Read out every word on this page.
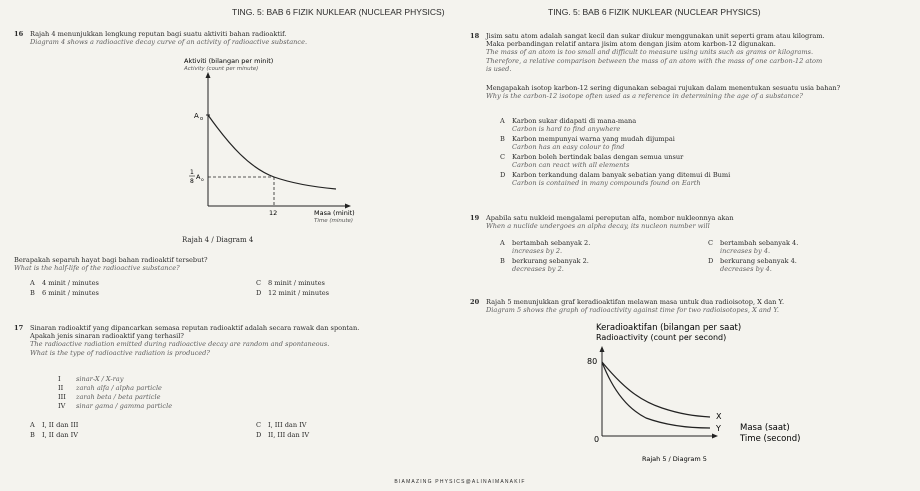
TING. 5: BAB 6 FIZIK NUKLEAR (NUCLEAR PHYSICS)	TING. 5: BAB 6 FIZIK NUKLEAR (NUCLEAR PHYSICS)
16 Rajah 4 menunjukkan lengkung reputan bagi suatu aktiviti bahan radioaktif.
Diagram 4 shows a radioactive decay curve of an activity of radioactive substance.
Aktiviti (bilangan per minit)
Activity (count per minute)
A o
1
8
A o
12	Masa (minit)
Time (minute)
Rajah 4 / Diagram 4
Berapakah separuh hayat bagi bahan radioaktif tersebut?
What is the half-life of the radioactive substance?
A 4 minit / minutes
B 6 minit / minutes
C 8 minit / minutes
D 12 minit / minutes
17 Sinaran radioaktif yang dipancarkan semasa reputan radioaktif adalah secara rawak dan spontan.
Apakah jenis sinaran radioaktif yang terhasil?
The radioactive radiation emitted during radioactive decay are random and spontaneous.
What is the type of radioactive radiation is produced?
I sinar-X / X-ray
II zarah alfa / alpha particle
III zarah beta / beta particle
IV sinar gama / gamma particle
A I, II dan III
B I, II dan IV
C I, III dan IV
D II, III dan IV
18 Jisim satu atom adalah sangat kecil dan sukar diukur menggunakan unit seperti gram atau kilogram.
Maka perbandingan relatif antara jisim atom dengan jisim atom karbon-12 digunakan.
The mass of an atom is too small and difficult to measure using units such as grams or kilograms.
Therefore, a relative comparison between the mass of an atom with the mass of one carbon-12 atom
is used.
Mengapakah isotop karbon-12 sering digunakan sebagai rujukan dalam menentukan sesuatu usia bahan?
Why is the carbon-12 isotope often used as a reference in determining the age of a substance?
A Karbon sukar didapati di mana-mana
Carbon is hard to find anywhere
B Karbon mempunyai warna yang mudah dijumpai
Carbon has an easy colour to find
C Karbon boleh bertindak balas dengan semua unsur
Carbon can react with all elements
D Karbon terkandung dalam banyak sebatian yang ditemui di Bumi
Carbon is contained in many compounds found on Earth
19 Apabila satu nukleid mengalami pereputan alfa, nombor nukleonnya akan
When a nuclide undergoes an alpha decay, its nucleon number will
A bertambah sebanyak 2.
increases by 2.
B berkurang sebanyak 2.
decreases by 2.
C bertambah sebanyak 4.
increases by 4.
D berkurang sebanyak 4.
decreases by 4.
20 Rajah 5 menunjukkan graf keradioaktifan melawan masa untuk dua radioisotop, X dan Y.
Diagram 5 shows the graph of radioactivity against time for two radioisotopes, X and Y.
Keradioaktifan (bilangan per saat)
Radioactivity (count per second)
80
0
X
Y Masa (saat)
Time (second)
Rajah 5 / Diagram 5
BIAMAZING PHYSICS@ALINAIMANAKIF
